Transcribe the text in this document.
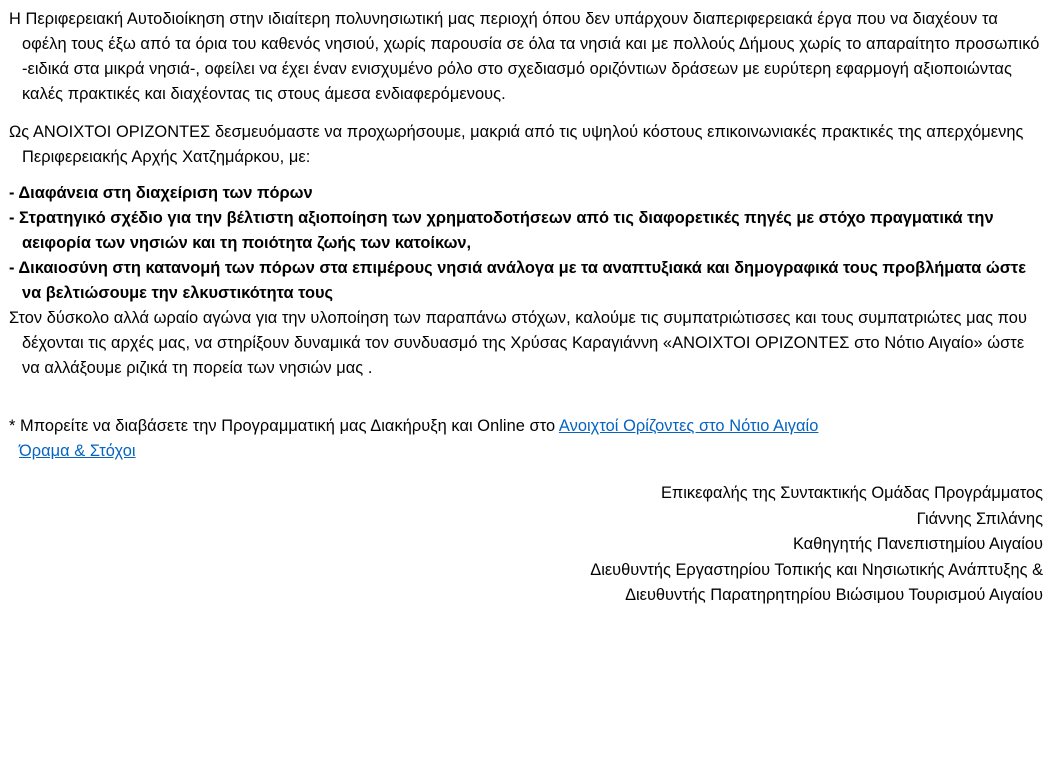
Η Περιφερειακή Αυτοδιοίκηση στην ιδιαίτερη πολυνησιωτική μας περιοχή όπου δεν υπάρχουν διαπεριφερειακά έργα που να διαχέουν τα οφέλη τους έξω από τα όρια του καθενός νησιού, χωρίς παρουσία σε όλα τα νησιά και με πολλούς Δήμους χωρίς το απαραίτητο προσωπικό -ειδικά στα μικρά νησιά-, οφείλει να έχει έναν ενισχυμένο ρόλο στο σχεδιασμό οριζόντιων δράσεων με ευρύτερη εφαρμογή αξιοποιώντας καλές πρακτικές και διαχέοντας τις στους άμεσα ενδιαφερόμενους.

Ως ΑΝΟΙΧΤΟΙ ΟΡΙΖΟΝΤΕΣ δεσμευόμαστε να προχωρήσουμε, μακριά από τις υψηλού κόστους επικοινωνιακές πρακτικές της απερχόμενης Περιφερειακής Αρχής Χατζημάρκου, με:

- Διαφάνεια στη διαχείριση των πόρων

- Στρατηγικό σχέδιο για την βέλτιστη αξιοποίηση των χρηματοδοτήσεων από τις διαφορετικές πηγές με στόχο πραγματικά την αειφορία των νησιών και τη ποιότητα ζωής των κατοίκων,

- Δικαιοσύνη στη κατανομή των πόρων στα επιμέρους νησιά ανάλογα με τα αναπτυξιακά και δημογραφικά τους προβλήματα ώστε να βελτιώσουμε την ελκυστικότητα τους

Στον δύσκολο αλλά ωραίο αγώνα για την υλοποίηση των παραπάνω στόχων, καλούμε τις συμπατριώτισσες και τους συμπατριώτες μας που δέχονται τις αρχές μας, να στηρίξουν δυναμικά τον συνδυασμό της Χρύσας Καραγιάννη «ΑΝΟΙΧΤΟΙ ΟΡΙΖΟΝΤΕΣ στο Νότιο Αιγαίο» ώστε να αλλάξουμε ριζικά τη πορεία των νησιών μας .

* Μπορείτε να διαβάσετε την Προγραμματική μας Διακήρυξη και Online στο Ανοιχτοί Ορίζοντες στο Νότιο Αιγαίο
Όραμα & Στόχοι

Επικεφαλής της Συντακτικής Ομάδας Προγράμματος
Γιάννης Σπιλάνης
Καθηγητής Πανεπιστημίου Αιγαίου
Διευθυντής Εργαστηρίου Τοπικής και Νησιωτικής Ανάπτυξης &
Διευθυντής Παρατηρητηρίου Βιώσιμου Τουρισμού Αιγαίου
